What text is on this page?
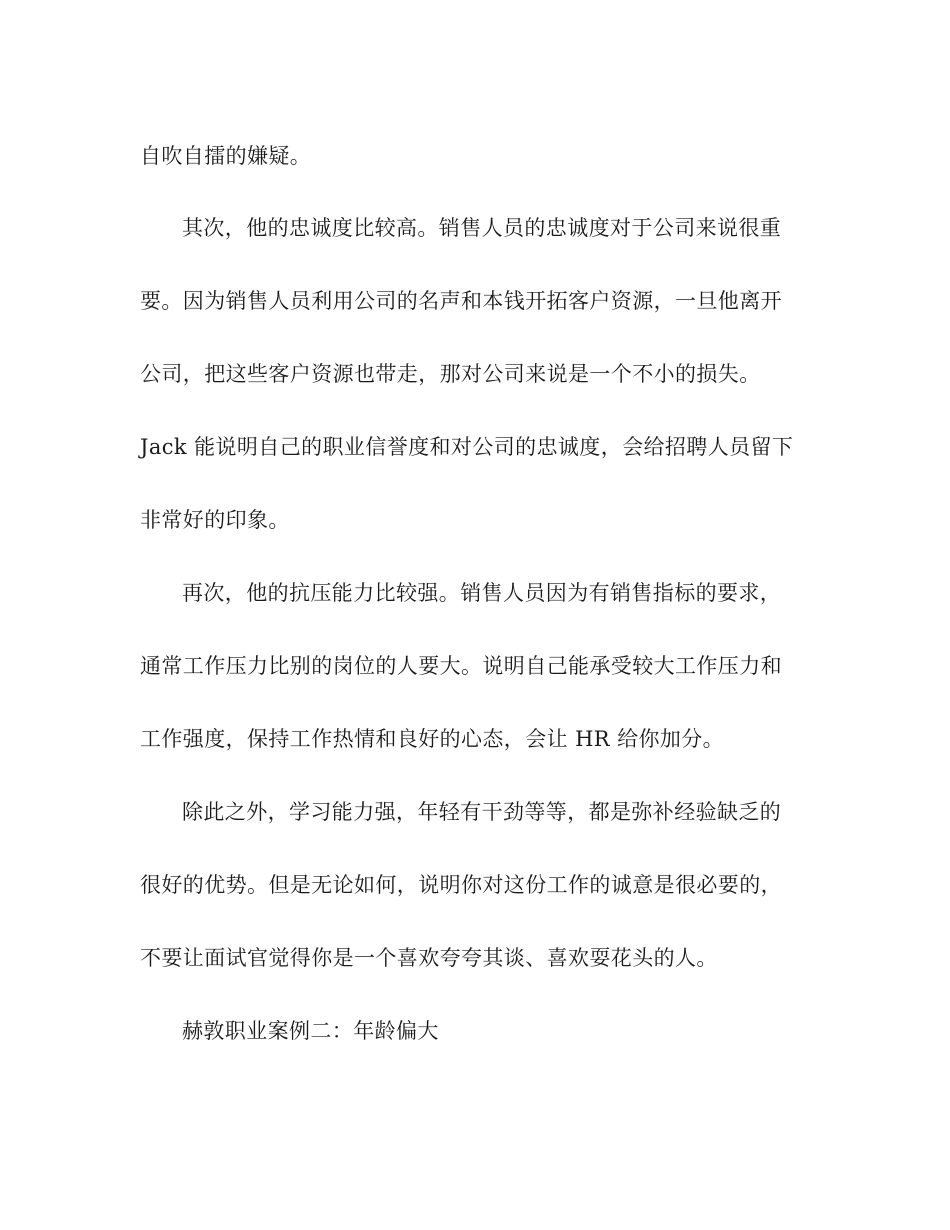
自吹自擂的嫌疑。
其次，他的忠诚度比较高。销售人员的忠诚度对于公司来说很重
要。因为销售人员利用公司的名声和本钱开拓客户资源，一旦他离开
公司，把这些客户资源也带走，那对公司来说是一个不小的损失。
Jack 能说明自己的职业信誉度和对公司的忠诚度，会给招聘人员留下
非常好的印象。
再次，他的抗压能力比较强。销售人员因为有销售指标的要求，
通常工作压力比别的岗位的人要大。说明自己能承受较大工作压力和
工作强度，保持工作热情和良好的心态，会让 HR 给你加分。
除此之外，学习能力强，年轻有干劲等等，都是弥补经验缺乏的
很好的优势。但是无论如何，说明你对这份工作的诚意是很必要的，
不要让面试官觉得你是一个喜欢夸夸其谈、喜欢耍花头的人。
赫敦职业案例二：年龄偏大
